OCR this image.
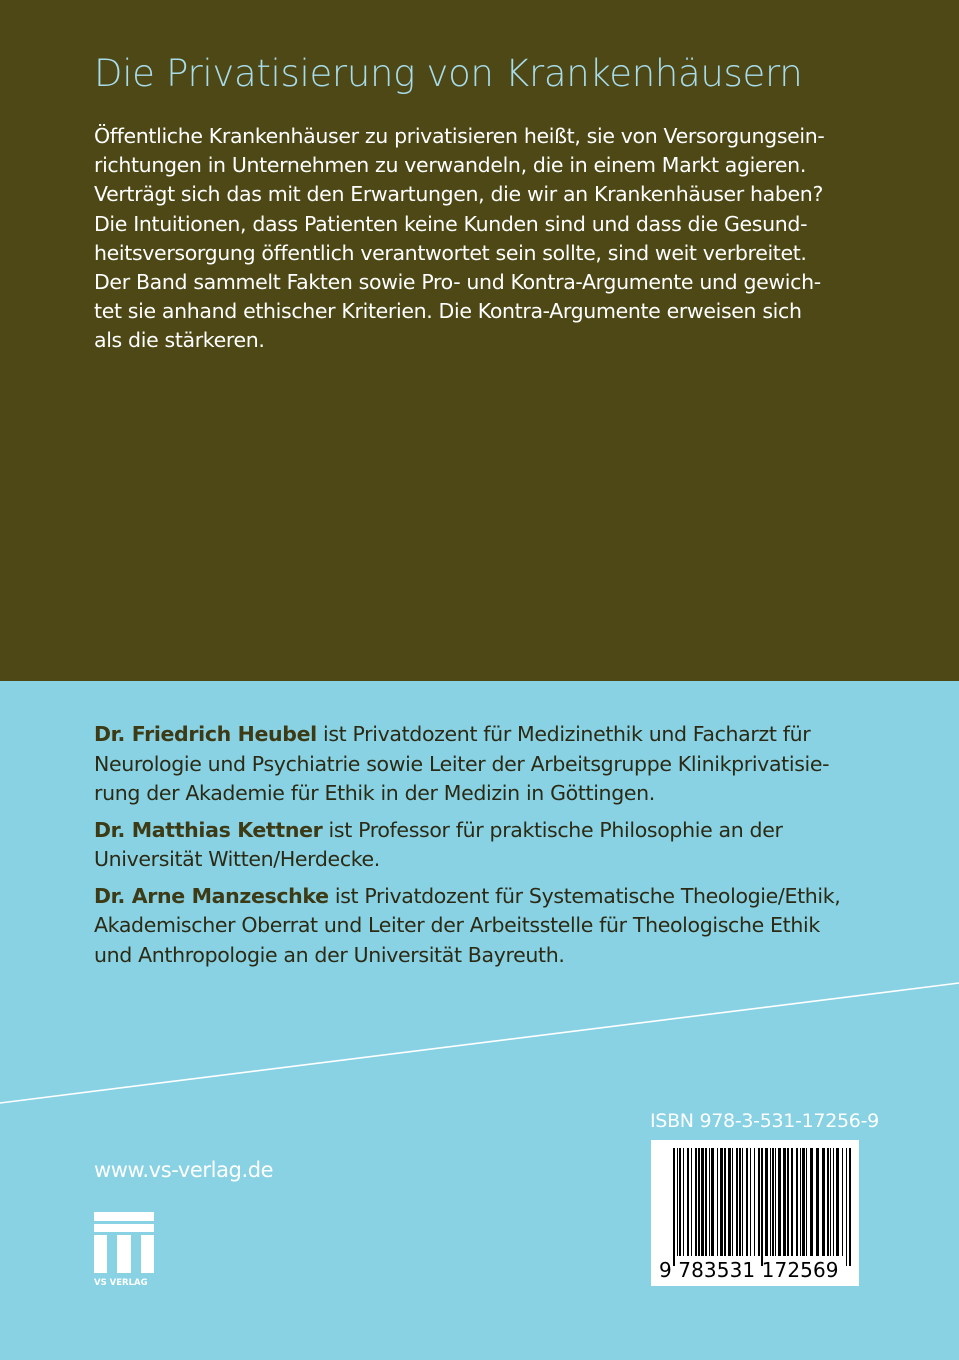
Die Privatisierung von Krankenhäusern
Öffentliche Krankenhäuser zu privatisieren heißt, sie von Versorgungsein-
richtungen in Unternehmen zu verwandeln, die in einem Markt agieren.
Verträgt sich das mit den Erwartungen, die wir an Krankenhäuser haben?
Die Intuitionen, dass Patienten keine Kunden sind und dass die Gesund-
heitsversorgung öffentlich verantwortet sein sollte, sind weit verbreitet.
Der Band sammelt Fakten sowie Pro- und Kontra-Argumente und gewich-
tet sie anhand ethischer Kriterien. Die Kontra-Argumente erweisen sich
als die stärkeren.
Dr. Friedrich Heubel ist Privatdozent für Medizinethik und Facharzt für
Neurologie und Psychiatrie sowie Leiter der Arbeitsgruppe Klinikprivatisie-
rung der Akademie für Ethik in der Medizin in Göttingen.
Dr. Matthias Kettner ist Professor für praktische Philosophie an der
Universität Witten/Herdecke.
Dr. Arne Manzeschke ist Privatdozent für Systematische Theologie/Ethik,
Akademischer Oberrat und Leiter der Arbeitsstelle für Theologische Ethik
und Anthropologie an der Universität Bayreuth.
ISBN 978-3-531-17256-9
9 783531 172569
www.vs-verlag.de
VS VERLAG
